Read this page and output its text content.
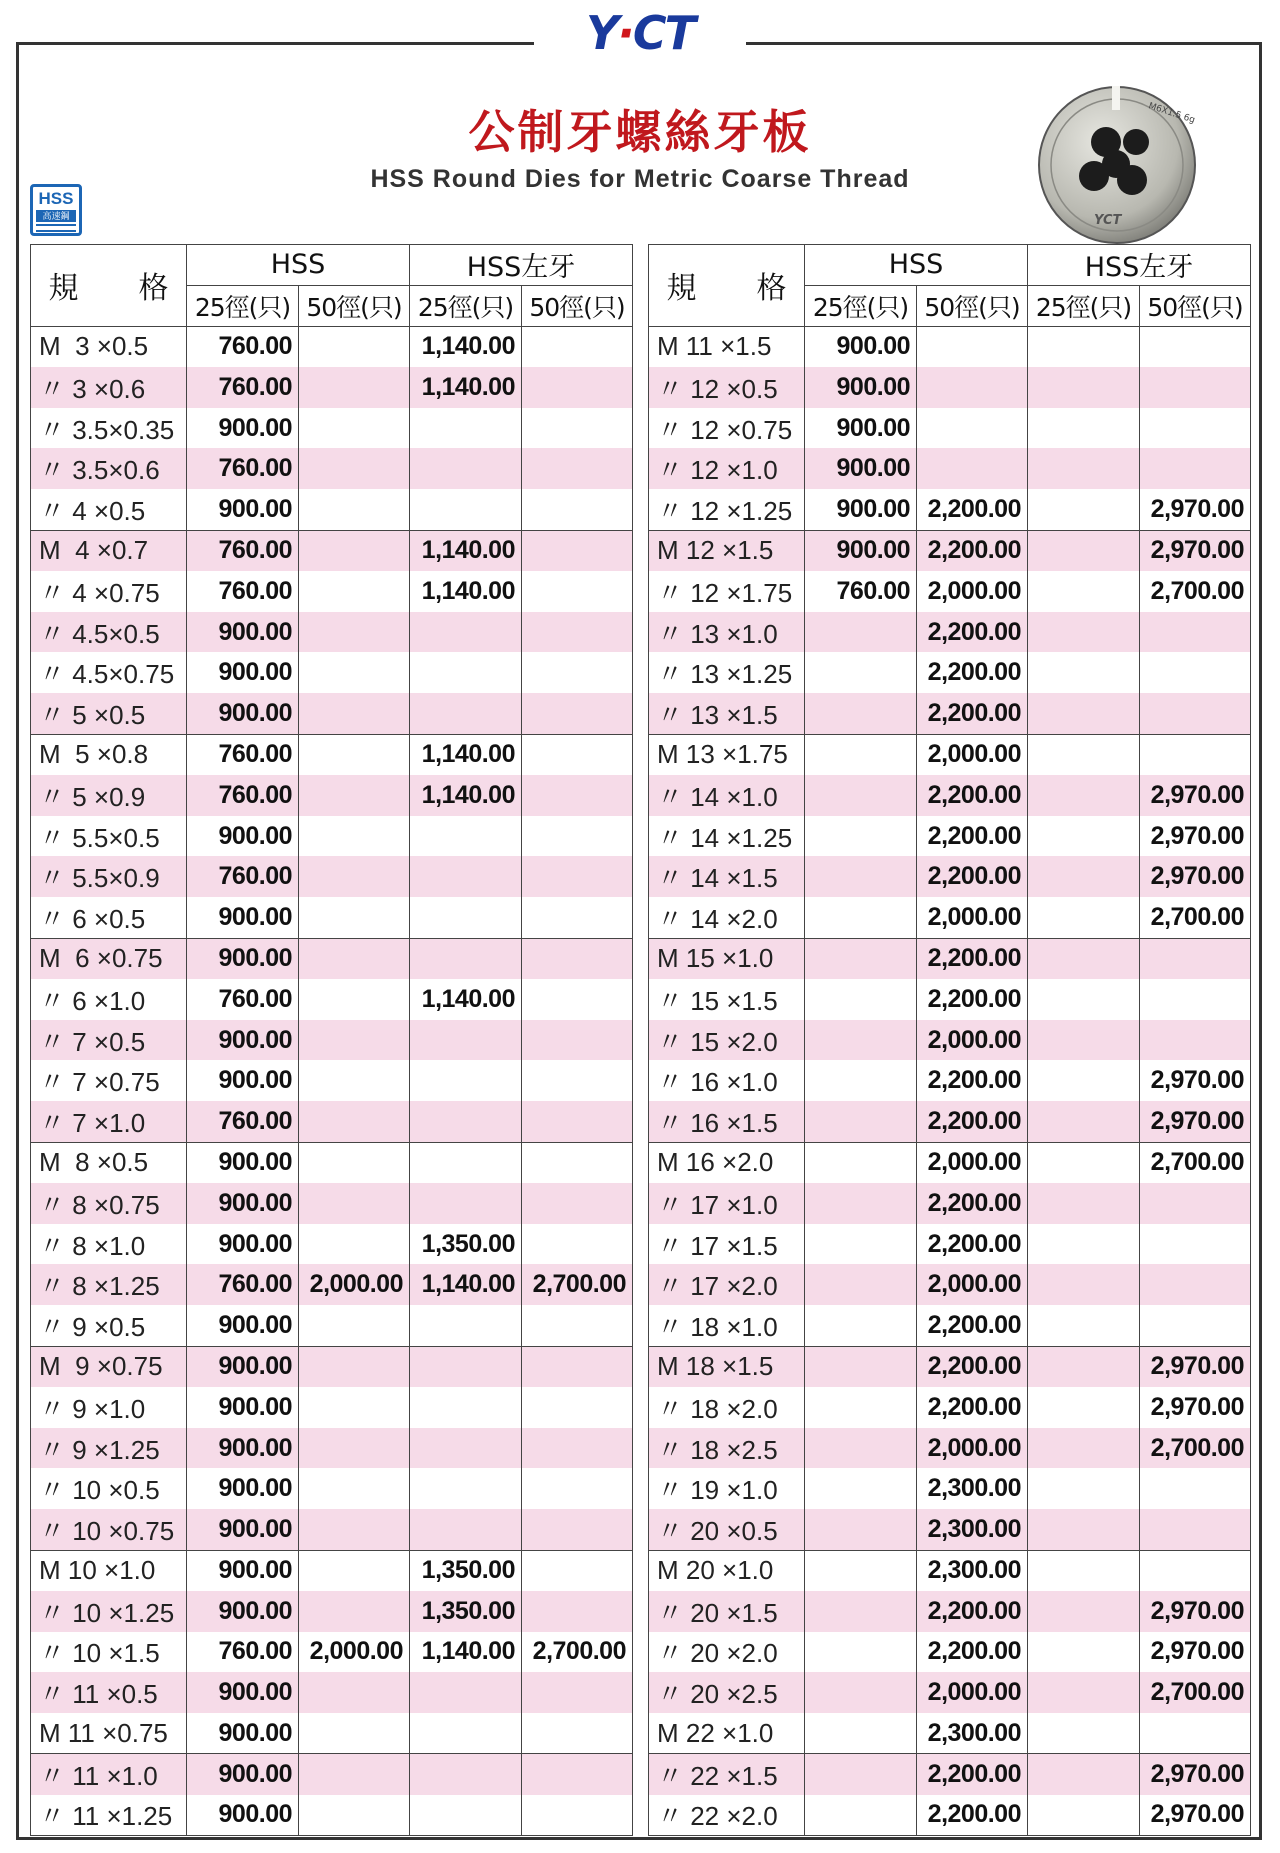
Y·CT
公制牙螺絲牙板
HSS Round Dies for Metric Coarse Thread
HSS
高速鋼
M6X1.5 6g
YCT
規　　格	HSS		HSS左牙	
	25徑(只)	50徑(只)	25徑(只)	50徑(只)
M  3 ×0.5	760.00		1,140.00	
〃 3 ×0.6	760.00		1,140.00	
〃 3.5×0.35	900.00			
〃 3.5×0.6	760.00			
〃 4 ×0.5	900.00			
M  4 ×0.7	760.00		1,140.00	
〃 4 ×0.75	760.00		1,140.00	
〃 4.5×0.5	900.00			
〃 4.5×0.75	900.00			
〃 5 ×0.5	900.00			
M  5 ×0.8	760.00		1,140.00	
〃 5 ×0.9	760.00		1,140.00	
〃 5.5×0.5	900.00			
〃 5.5×0.9	760.00			
〃 6 ×0.5	900.00			
M  6 ×0.75	900.00			
〃 6 ×1.0	760.00		1,140.00	
〃 7 ×0.5	900.00			
〃 7 ×0.75	900.00			
〃 7 ×1.0	760.00			
M  8 ×0.5	900.00			
〃 8 ×0.75	900.00			
〃 8 ×1.0	900.00		1,350.00	
〃 8 ×1.25	760.00	2,000.00	1,140.00	2,700.00
〃 9 ×0.5	900.00			
M  9 ×0.75	900.00			
〃 9 ×1.0	900.00			
〃 9 ×1.25	900.00			
〃 10 ×0.5	900.00			
〃 10 ×0.75	900.00			
M 10 ×1.0	900.00		1,350.00	
〃 10 ×1.25	900.00		1,350.00	
〃 10 ×1.5	760.00	2,000.00	1,140.00	2,700.00
〃 11 ×0.5	900.00			
M 11 ×0.75	900.00			
〃 11 ×1.0	900.00			
〃 11 ×1.25	900.00			
規　　格	HSS		HSS左牙	
	25徑(只)	50徑(只)	25徑(只)	50徑(只)
M 11 ×1.5	900.00			
〃 12 ×0.5	900.00			
〃 12 ×0.75	900.00			
〃 12 ×1.0	900.00			
〃 12 ×1.25	900.00	2,200.00		2,970.00
M 12 ×1.5	900.00	2,200.00		2,970.00
〃 12 ×1.75	760.00	2,000.00		2,700.00
〃 13 ×1.0		2,200.00		
〃 13 ×1.25		2,200.00		
〃 13 ×1.5		2,200.00		
M 13 ×1.75		2,000.00		
〃 14 ×1.0		2,200.00		2,970.00
〃 14 ×1.25		2,200.00		2,970.00
〃 14 ×1.5		2,200.00		2,970.00
〃 14 ×2.0		2,000.00		2,700.00
M 15 ×1.0		2,200.00		
〃 15 ×1.5		2,200.00		
〃 15 ×2.0		2,000.00		
〃 16 ×1.0		2,200.00		2,970.00
〃 16 ×1.5		2,200.00		2,970.00
M 16 ×2.0		2,000.00		2,700.00
〃 17 ×1.0		2,200.00		
〃 17 ×1.5		2,200.00		
〃 17 ×2.0		2,000.00		
〃 18 ×1.0		2,200.00		
M 18 ×1.5		2,200.00		2,970.00
〃 18 ×2.0		2,200.00		2,970.00
〃 18 ×2.5		2,000.00		2,700.00
〃 19 ×1.0		2,300.00		
〃 20 ×0.5		2,300.00		
M 20 ×1.0		2,300.00		
〃 20 ×1.5		2,200.00		2,970.00
〃 20 ×2.0		2,200.00		2,970.00
〃 20 ×2.5		2,000.00		2,700.00
M 22 ×1.0		2,300.00		
〃 22 ×1.5		2,200.00		2,970.00
〃 22 ×2.0		2,200.00		2,970.00
